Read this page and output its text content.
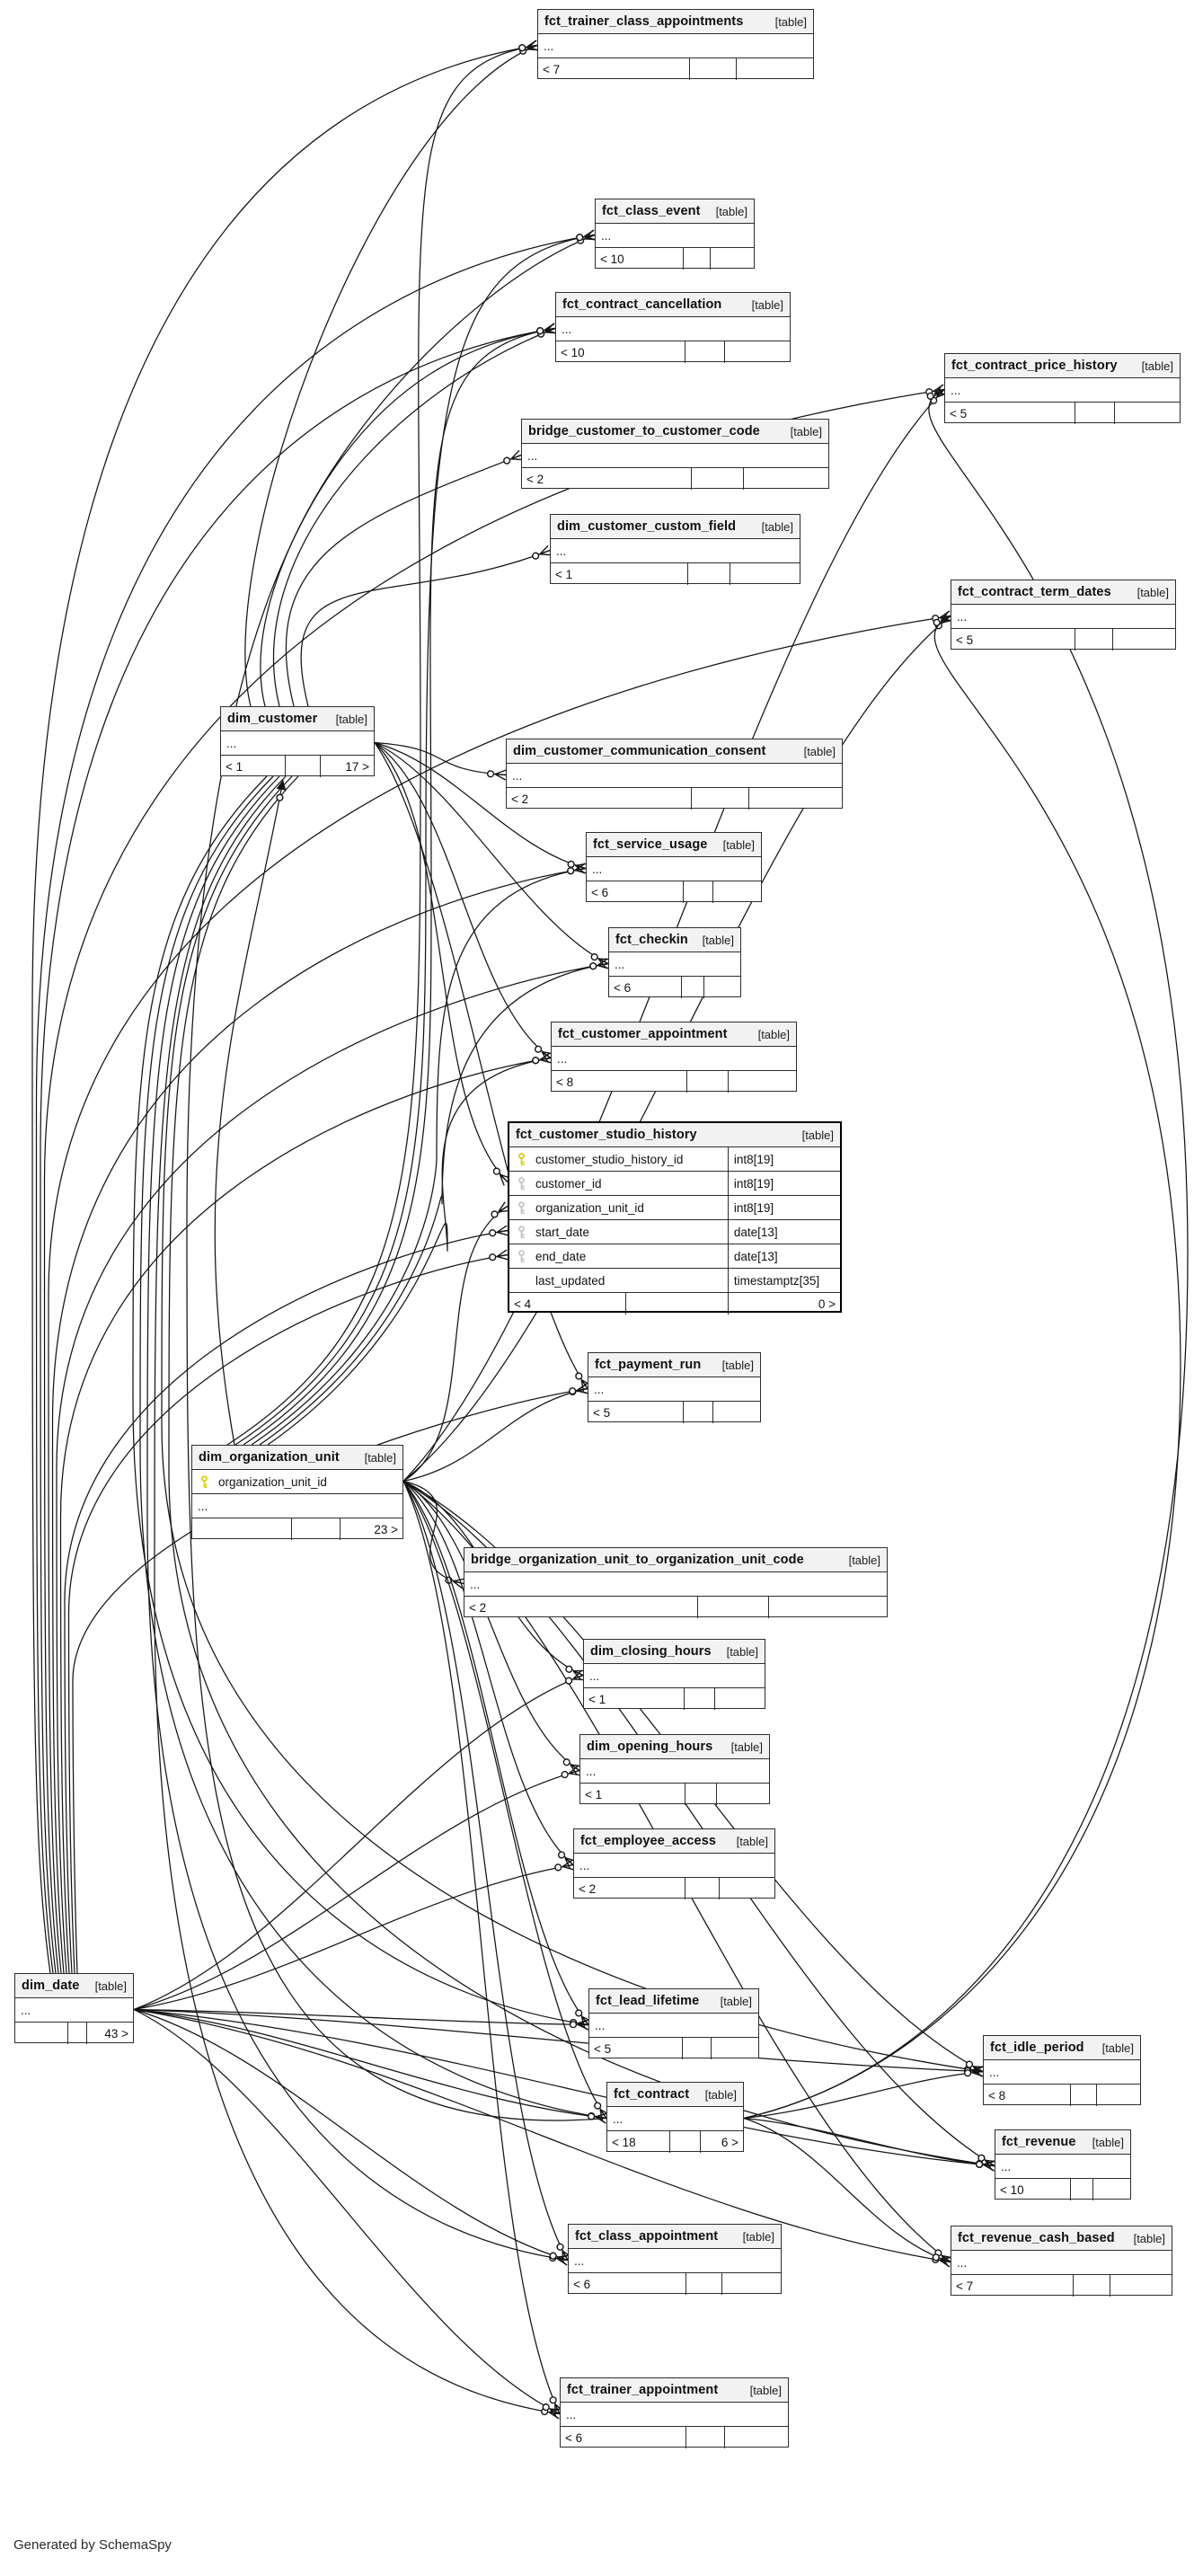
fct_trainer_class_appointments	[table]
...
< 7
fct_class_event [table]
...
< 10
fct_contract_cancellation	[table]
...
< 10
fct_contract_price_history [table]
...
< 5
bridge_customer_to_customer_code	[table]
...
< 2
dim_customer_custom_field [table]
...
< 1
fct_contract_term_dates [table]
...
< 5
dim_customer [table]
...
< 1	17 >
dim_customer_communication_consent	[table]
...
< 2
fct_service_usage [table]
...
< 6
fct_checkin [table]
...
< 6
fct_customer_appointment	[table]
...
< 8
fct_customer_studio_history	[table]
customer_studio_history_id	int8[19]
customer_id	int8[19]
organization_unit_id	int8[19]
start_date	date[13]
end_date	date[13]
last_updated	timestamptz[35]
< 4	0 >
fct_payment_run [table]
...
< 5
dim_organization_unit [table]
organization_unit_id
...
23 >
bridge_organization_unit_to_organization_unit_code	[table]
...
< 2
dim_closing_hours [table]
...
< 1
dim_opening_hours [table]
...
< 1
fct_employee_access [table]
...
< 2
dim_date [table]
...
43 >
fct_lead_lifetime [table]
...
< 5
fct_contract [table]
...
< 18	6 >
fct_idle_period [table]
...
< 8
fct_revenue [table]
...
< 10
fct_class_appointment [table]
...
< 6
fct_revenue_cash_based [table]
...
< 7
fct_trainer_appointment	[table]
...
< 6
Generated by SchemaSpy
